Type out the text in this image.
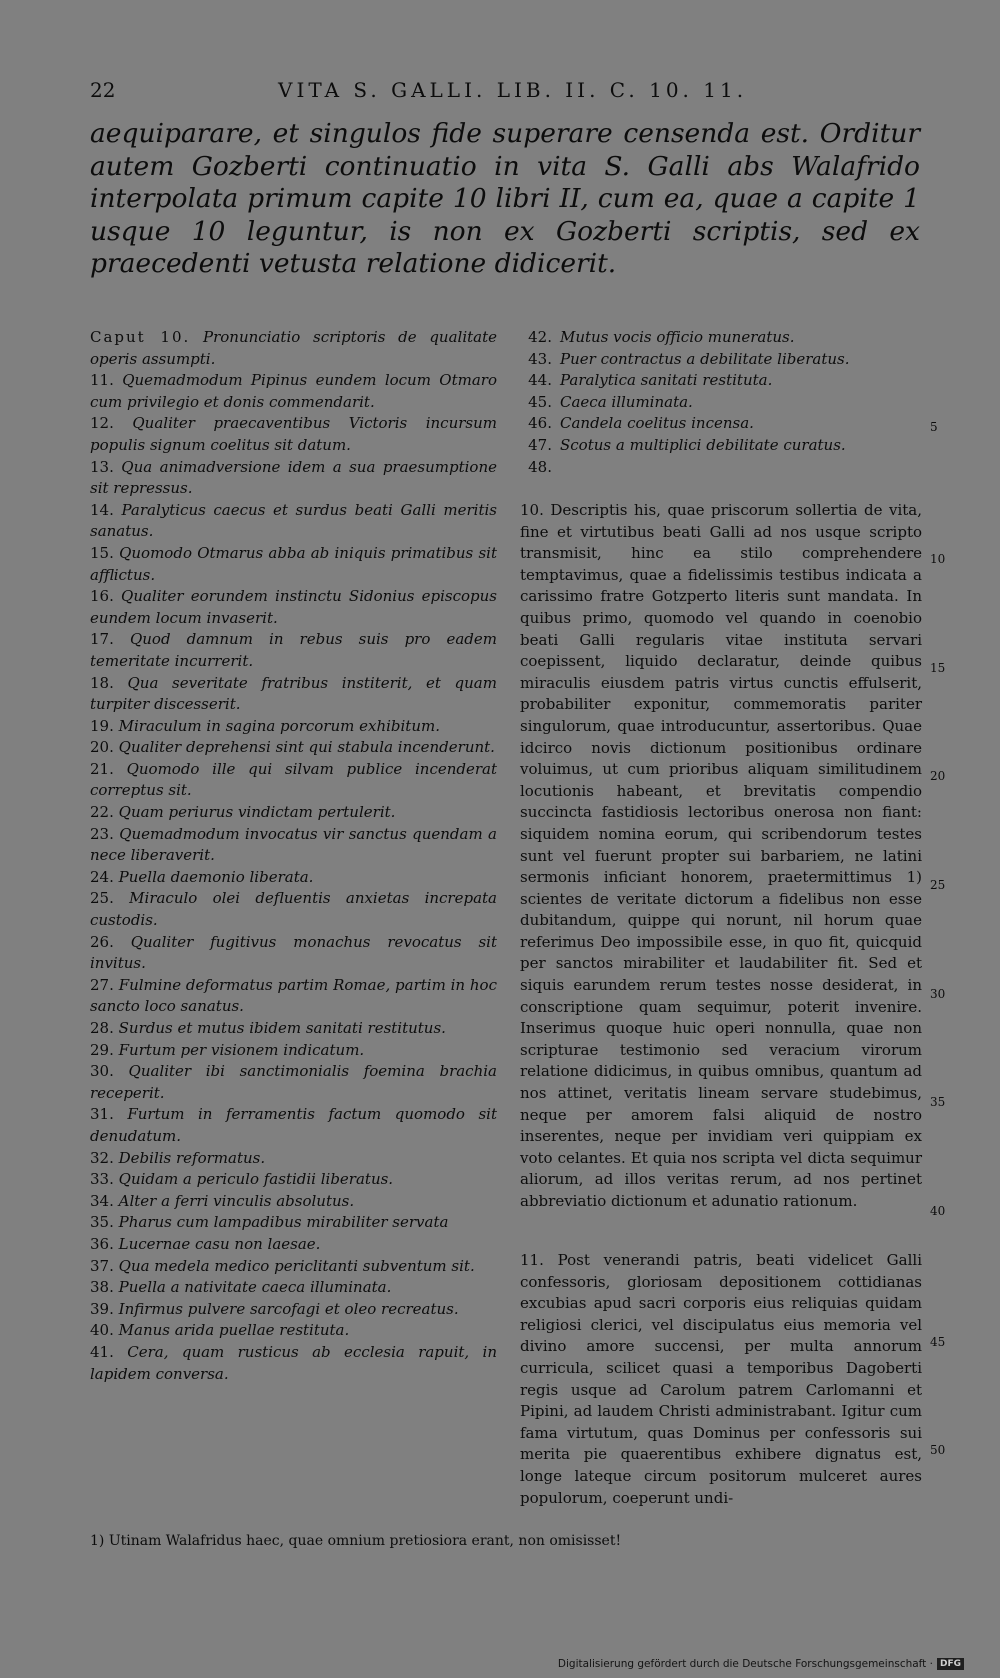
22	VITA S. GALLI. LIB. II. C. 10. 11.

aequiparare, et singulos fide superare censenda est. Orditur autem Gozberti continuatio in vita S. Galli abs Walafrido interpolata primum capite 10 libri II, cum ea, quae a capite 1 usque 10 leguntur, is non ex Gozberti scriptis, sed ex praecedenti vetusta relatione didicerit.

Caput 10. Pronunciatio scriptoris de qualitate operis assumpti.

11. Quemadmodum Pipinus eundem locum Otmaro cum privilegio et donis commendarit.

12. Qualiter praecaventibus Victoris incursum populis signum coelitus sit datum.

13. Qua animadversione idem a sua praesumptione sit repressus.

14. Paralyticus caecus et surdus beati Galli meritis sanatus.

15. Quomodo Otmarus abba ab iniquis primatibus sit afflictus.

16. Qualiter eorundem instinctu Sidonius episcopus eundem locum invaserit.

17. Quod damnum in rebus suis pro eadem temeritate incurrerit.

18. Qua severitate fratribus institerit, et quam turpiter discesserit.

19. Miraculum in sagina porcorum exhibitum.

20. Qualiter deprehensi sint qui stabula incenderunt.

21. Quomodo ille qui silvam publice incenderat correptus sit.

22. Quam periurus vindictam pertulerit.

23. Quemadmodum invocatus vir sanctus quendam a nece liberaverit.

24. Puella daemonio liberata.

25. Miraculo olei defluentis anxietas increpata custodis.

26. Qualiter fugitivus monachus revocatus sit invitus.

27. Fulmine deformatus partim Romae, partim in hoc sancto loco sanatus.

28. Surdus et mutus ibidem sanitati restitutus.

29. Furtum per visionem indicatum.

30. Qualiter ibi sanctimonialis foemina brachia receperit.

31. Furtum in ferramentis factum quomodo sit denudatum.

32. Debilis reformatus.

33. Quidam a periculo fastidii liberatus.

34. Alter a ferri vinculis absolutus.

35. Pharus cum lampadibus mirabiliter servata

36. Lucernae casu non laesae.

37. Qua medela medico periclitanti subventum sit.

38. Puella a nativitate caeca illuminata.

39. Infirmus pulvere sarcofagi et oleo recreatus.

40. Manus arida puellae restituta.

41. Cera, quam rusticus ab ecclesia rapuit, in lapidem conversa.

42. Mutus vocis officio muneratus.
43. Puer contractus a debilitate liberatus.
44. Paralytica sanitati restituta.
45. Caeca illuminata.
46. Candela coelitus incensa.
47. Scotus a multiplici debilitate curatus.
48.

10. Descriptis his, quae priscorum sollertia de vita, fine et virtutibus beati Galli ad nos usque scripto transmisit, hinc ea stilo comprehendere temptavimus, quae a fidelissimis testibus indicata a carissimo fratre Gotzperto literis sunt mandata. In quibus primo, quomodo vel quando in coenobio beati Galli regularis vitae instituta servari coepissent, liquido declaratur, deinde quibus miraculis eiusdem patris virtus cunctis effulserit, probabiliter exponitur, commemoratis pariter singulorum, quae introducuntur, assertoribus. Quae idcirco novis dictionum positionibus ordinare voluimus, ut cum prioribus aliquam similitudinem locutionis habeant, et brevitatis compendio succincta fastidiosis lectoribus onerosa non fiant: siquidem nomina eorum, qui scribendorum testes sunt vel fuerunt propter sui barbariem, ne latini sermonis inficiant honorem, praetermittimus 1) scientes de veritate dictorum a fidelibus non esse dubitandum, quippe qui norunt, nil horum quae referimus Deo impossibile esse, in quo fit, quicquid per sanctos mirabiliter et laudabiliter fit. Sed et siquis earundem rerum testes nosse desiderat, in conscriptione quam sequimur, poterit invenire. Inserimus quoque huic operi nonnulla, quae non scripturae testimonio sed veracium virorum relatione didicimus, in quibus omnibus, quantum ad nos attinet, veritatis lineam servare studebimus, neque per amorem falsi aliquid de nostro inserentes, neque per invidiam veri quippiam ex voto celantes. Et quia nos scripta vel dicta sequimur aliorum, ad illos veritas rerum, ad nos pertinet abbreviatio dictionum et adunatio rationum.

11. Post venerandi patris, beati videlicet Galli confessoris, gloriosam depositionem cottidianas excubias apud sacri corporis eius reliquias quidam religiosi clerici, vel discipulatus eius memoria vel divino amore succensi, per multa annorum curricula, scilicet quasi a temporibus Dagoberti regis usque ad Carolum patrem Carlomanni et Pipini, ad laudem Christi administrabant. Igitur cum fama virtutum, quas Dominus per confessoris sui merita pie quaerentibus exhibere dignatus est, longe lateque circum positorum mulceret aures populorum, coeperunt undi-

5
10
15
20
25
30
35
40
45
50
1) Utinam Walafridus haec, quae omnium pretiosiora erant, non omisisset!
Digitalisierung gefördert durch die Deutsche Forschungsgemeinschaft · DFG
